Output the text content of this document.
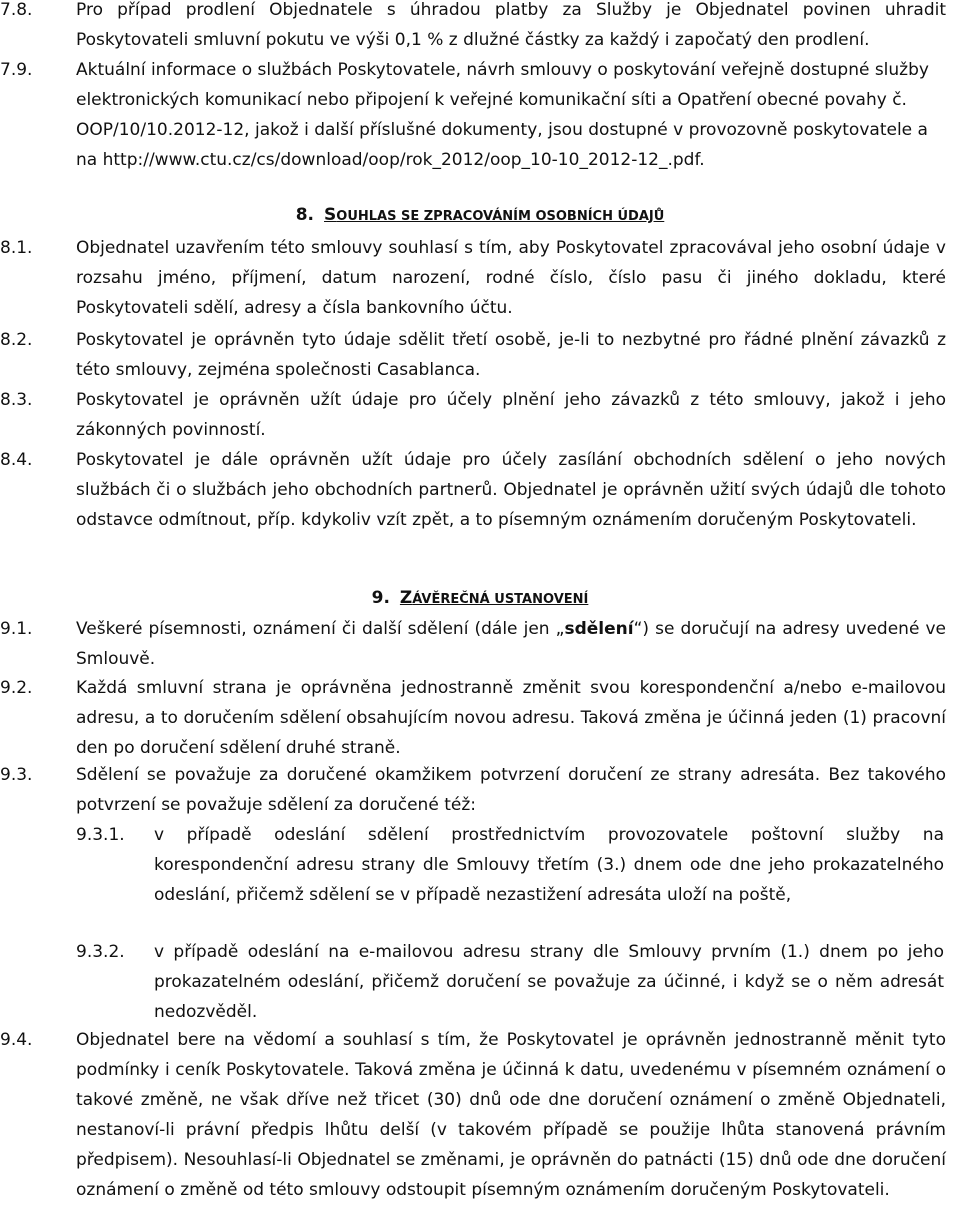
7.8.	Pro případ prodlení Objednatele s úhradou platby za Služby je Objednatel povinen uhradit Poskytovateli smluvní pokutu ve výši 0,1 % z dlužné částky za každý i započatý den prodlení.
7.9.	Aktuální informace o službách Poskytovatele, návrh smlouvy o poskytování veřejně dostupné služby elektronických komunikací nebo připojení k veřejné komunikační síti a Opatření obecné povahy č. OOP/10/10.2012-12, jakož i další příslušné dokumenty, jsou dostupné v provozovně poskytovatele a na http://www.ctu.cz/cs/download/oop/rok_2012/oop_10-10_2012-12_.pdf.
8. SOUHLAS SE ZPRACOVÁNÍM OSOBNÍCH ÚDAJŮ
8.1.	Objednatel uzavřením této smlouvy souhlasí s tím, aby Poskytovatel zpracovával jeho osobní údaje v rozsahu jméno, příjmení, datum narození, rodné číslo, číslo pasu či jiného dokladu, které Poskytovateli sdělí, adresy a čísla bankovního účtu.
8.2.	Poskytovatel je oprávněn tyto údaje sdělit třetí osobě, je-li to nezbytné pro řádné plnění závazků z této smlouvy, zejména společnosti Casablanca.
8.3.	Poskytovatel je oprávněn užít údaje pro účely plnění jeho závazků z této smlouvy, jakož i jeho zákonných povinností.
8.4.	Poskytovatel je dále oprávněn užít údaje pro účely zasílání obchodních sdělení o jeho nových službách či o službách jeho obchodních partnerů. Objednatel je oprávněn užití svých údajů dle tohoto odstavce odmítnout, příp. kdykoliv vzít zpět, a to písemným oznámením doručeným Poskytovateli.
9. ZÁVĚREČNÁ USTANOVENÍ
9.1.	Veškeré písemnosti, oznámení či další sdělení (dále jen „sdělení“) se doručují na adresy uvedené ve Smlouvě.
9.2.	Každá smluvní strana je oprávněna jednostranně změnit svou korespondenční a/nebo e-mailovou adresu, a to doručením sdělení obsahujícím novou adresu. Taková změna je účinná jeden (1) pracovní den po doručení sdělení druhé straně.
9.3.	Sdělení se považuje za doručené okamžikem potvrzení doručení ze strany adresáta. Bez takového potvrzení se považuje sdělení za doručené též:
9.3.1. v případě odeslání sdělení prostřednictvím provozovatele poštovní služby na korespondenční adresu strany dle Smlouvy třetím (3.) dnem ode dne jeho prokazatelného odeslání, přičemž sdělení se v případě nezastižení adresáta uloží na poště,
9.3.2. v případě odeslání na e-mailovou adresu strany dle Smlouvy prvním (1.) dnem po jeho prokazatelném odeslání, přičemž doručení se považuje za účinné, i když se o něm adresát nedozvěděl.
9.4.	Objednatel bere na vědomí a souhlasí s tím, že Poskytovatel je oprávněn jednostranně měnit tyto podmínky i ceník Poskytovatele. Taková změna je účinná k datu, uvedenému v písemném oznámení o takové změně, ne však dříve než třicet (30) dnů ode dne doručení oznámení o změně Objednateli, nestanoví-li právní předpis lhůtu delší (v takovém případě se použije lhůta stanovená právním předpisem). Nesouhlasí-li Objednatel se změnami, je oprávněn do patnácti (15) dnů ode dne doručení oznámení o změně od této smlouvy odstoupit písemným oznámením doručeným Poskytovateli.
